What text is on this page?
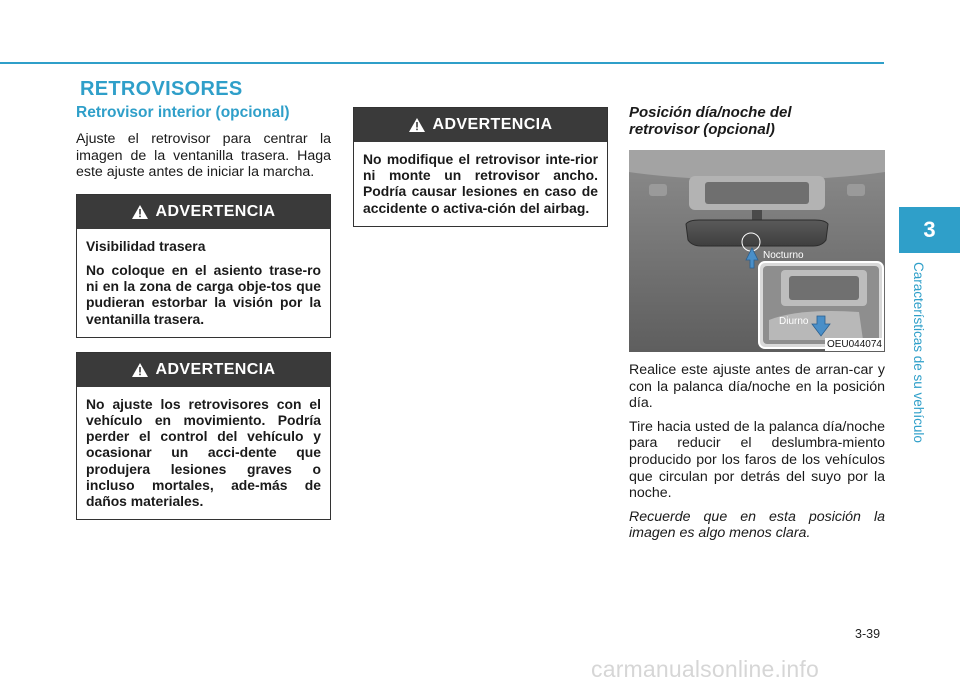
RETROVISORES
Retrovisor interior (opcional)

Ajuste el retrovisor para centrar la imagen de la ventanilla trasera. Haga este ajuste antes de iniciar la marcha.

ADVERTENCIA

Visibilidad trasera

No coloque en el asiento trase-ro ni en la zona de carga obje-tos que pudieran estorbar la visión por la ventanilla trasera.

ADVERTENCIA

No ajuste los retrovisores con el vehículo en movimiento. Podría perder el control del vehículo y ocasionar un acci-dente que produjera lesiones graves o incluso mortales, ade-más de daños materiales.

ADVERTENCIA

No modifique el retrovisor inte-rior ni monte un retrovisor ancho. Podría causar lesiones en caso de accidente o activa-ción del airbag.

Posición día/noche del
retrovisor (opcional)
Nocturno
Diurno
OEU044074

Realice este ajuste antes de arran-car y con la palanca día/noche en la posición día.

Tire hacia usted de la palanca día/noche para reducir el deslumbra-miento producido por los faros de los vehículos que circulan por detrás del suyo por la noche.

Recuerde que en esta posición la imagen es algo menos clara.

3
Características de su vehículo
3-39
carmanualsonline.info
